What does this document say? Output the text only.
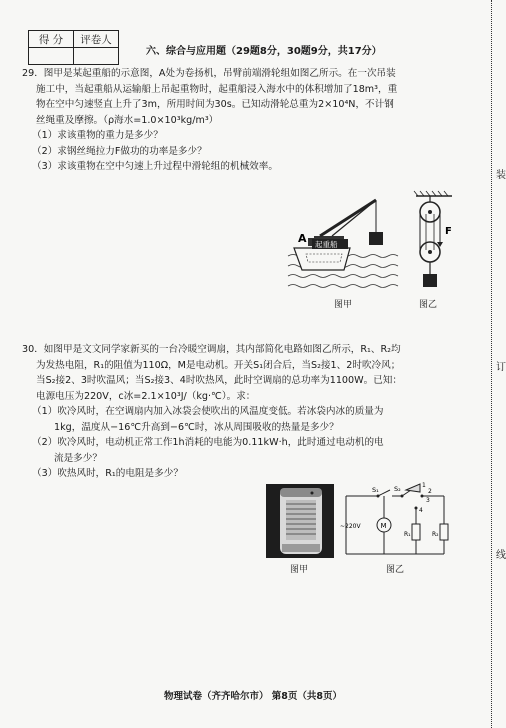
得 分	评卷人

六、综合与应用题（29题8分，30题9分，共17分）

29．图甲是某起重船的示意图，A处为卷扬机，吊臂前端滑轮组如图乙所示。在一次吊装

施工中，当起重船从运输船上吊起重物时，起重船浸入海水中的体积增加了18m³，重

物在空中匀速竖直上升了3m，所用时间为30s。已知动滑轮总重为2×10⁴N，不计钢

丝绳重及摩擦。（ρ海水=1.0×10³kg/m³）

（1）求该重物的重力是多少？

（2）求钢丝绳拉力F做功的功率是多少？

（3）求该重物在空中匀速上升过程中滑轮组的机械效率。

A 起重船
图甲
F
图乙

30．如图甲是文文同学家新买的一台冷暖空调扇，其内部简化电路如图乙所示，R₁、R₂均

为发热电阻，R₁的阻值为110Ω，M是电动机。开关S₁闭合后，当S₂接1、2时吹冷风；

当S₂接2、3时吹温风；当S₂接3、4时吹热风，此时空调扇的总功率为1100W。已知：

电源电压为220V，c冰=2.1×10³J/（kg·℃）。求：

（1）吹冷风时，在空调扇内加入冰袋会使吹出的风温度变低。若冰袋内冰的质量为

1kg，温度从−16℃升高到−6℃时，冰从周围吸收的热量是多少？

（2）吹冷风时，电动机正常工作1h消耗的电能为0.11kW·h，此时通过电动机的电

流是多少？

（3）吹热风时，R₁的电阻是多少？

图甲
~220V
S₁ S₂
M
R₁	R₂
1
2
3
4
图乙
装
订
线
物理试卷（齐齐哈尔市） 第8页（共8页）
